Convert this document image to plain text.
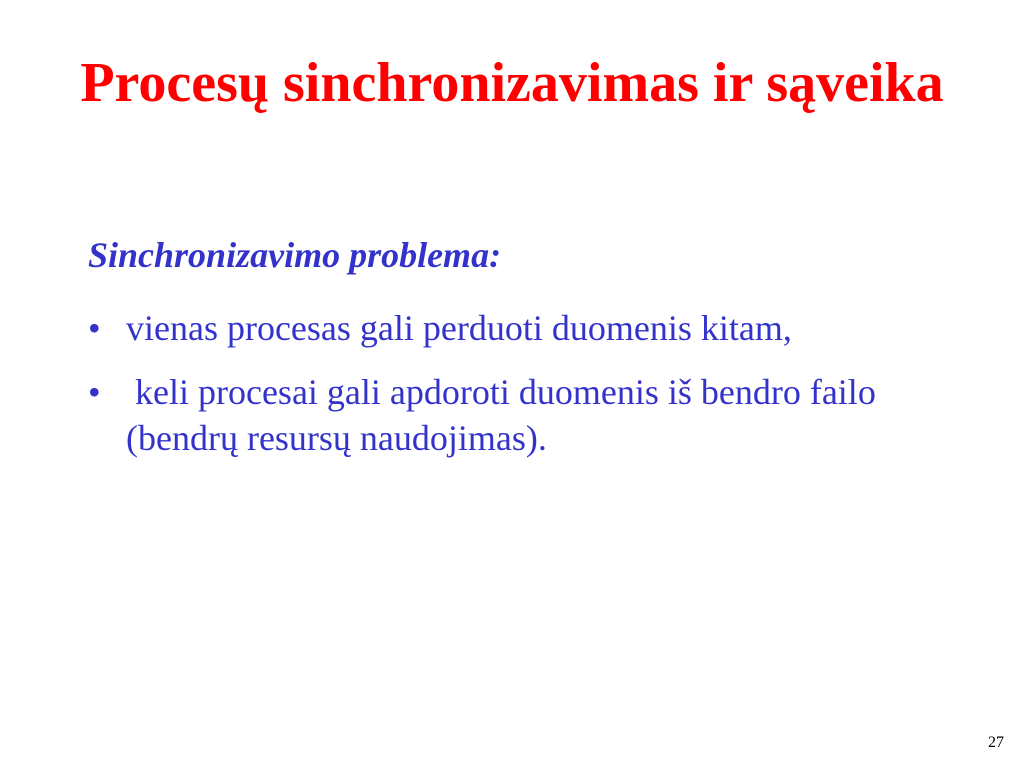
Procesų sinchronizavimas ir sąveika

Sinchronizavimo problema:

• vienas procesas gali perduoti duomenis kitam,
• keli procesai gali apdoroti duomenis iš bendro failo (bendrų resursų naudojimas).
27
